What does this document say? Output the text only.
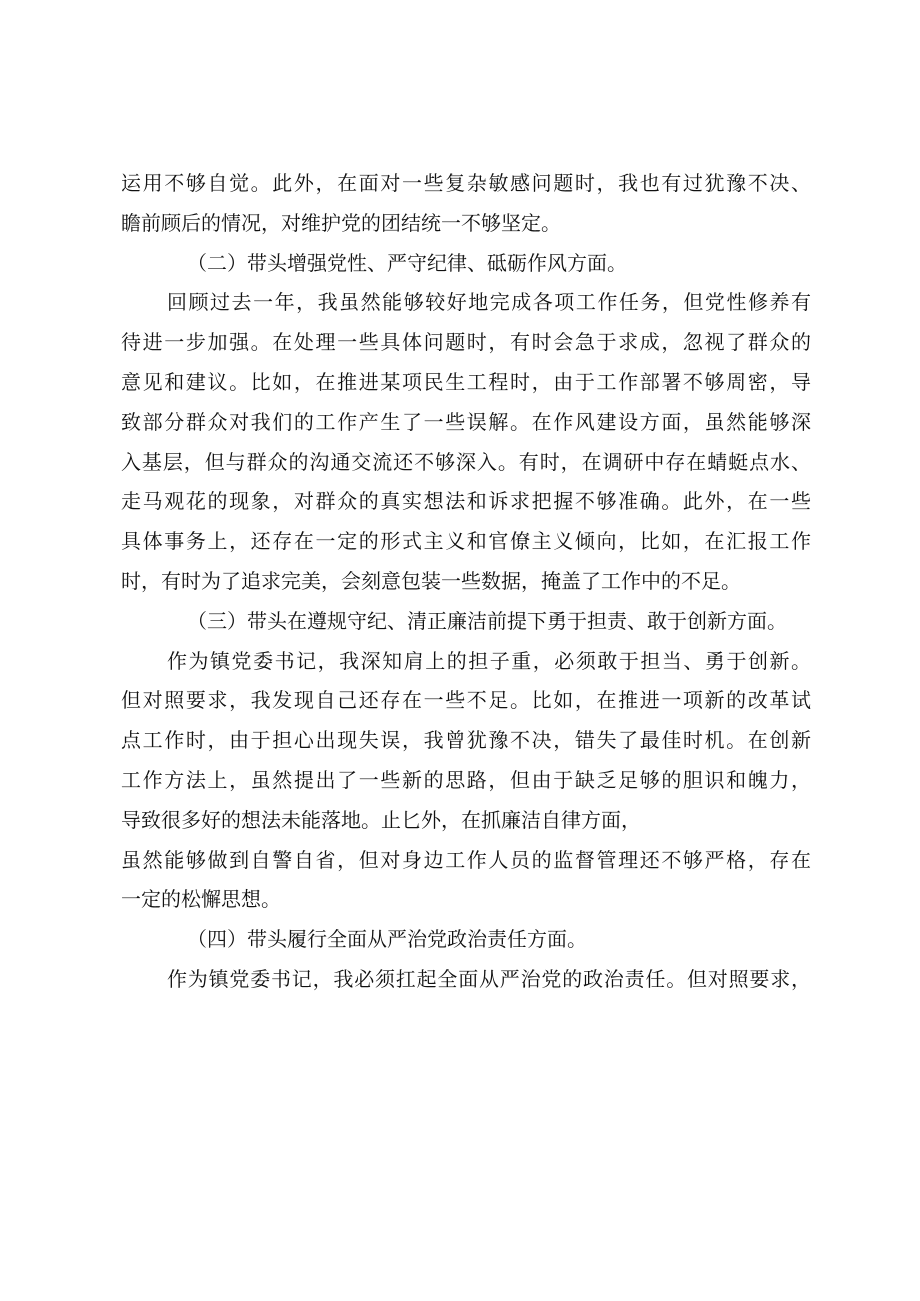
运用不够自觉。此外，在面对一些复杂敏感问题时，我也有过犹豫不决、
瞻前顾后的情况，对维护党的团结统一不够坚定。
（二）带头增强党性、严守纪律、砥砺作风方面。
回顾过去一年，我虽然能够较好地完成各项工作任务，但党性修养有
待进一步加强。在处理一些具体问题时，有时会急于求成，忽视了群众的
意见和建议。比如，在推进某项民生工程时，由于工作部署不够周密，导
致部分群众对我们的工作产生了一些误解。在作风建设方面，虽然能够深
入基层，但与群众的沟通交流还不够深入。有时，在调研中存在蜻蜓点水、
走马观花的现象，对群众的真实想法和诉求把握不够准确。此外，在一些
具体事务上，还存在一定的形式主义和官僚主义倾向，比如，在汇报工作
时，有时为了追求完美，会刻意包装一些数据，掩盖了工作中的不足。
（三）带头在遵规守纪、清正廉洁前提下勇于担责、敢于创新方面。
作为镇党委书记，我深知肩上的担子重，必须敢于担当、勇于创新。
但对照要求，我发现自己还存在一些不足。比如，在推进一项新的改革试
点工作时，由于担心出现失误，我曾犹豫不决，错失了最佳时机。在创新
工作方法上，虽然提出了一些新的思路，但由于缺乏足够的胆识和魄力，
导致很多好的想法未能落地。止匕外，在抓廉洁自律方面，
虽然能够做到自警自省，但对身边工作人员的监督管理还不够严格，存在
一定的松懈思想。
（四）带头履行全面从严治党政治责任方面。
作为镇党委书记，我必须扛起全面从严治党的政治责任。但对照要求，
